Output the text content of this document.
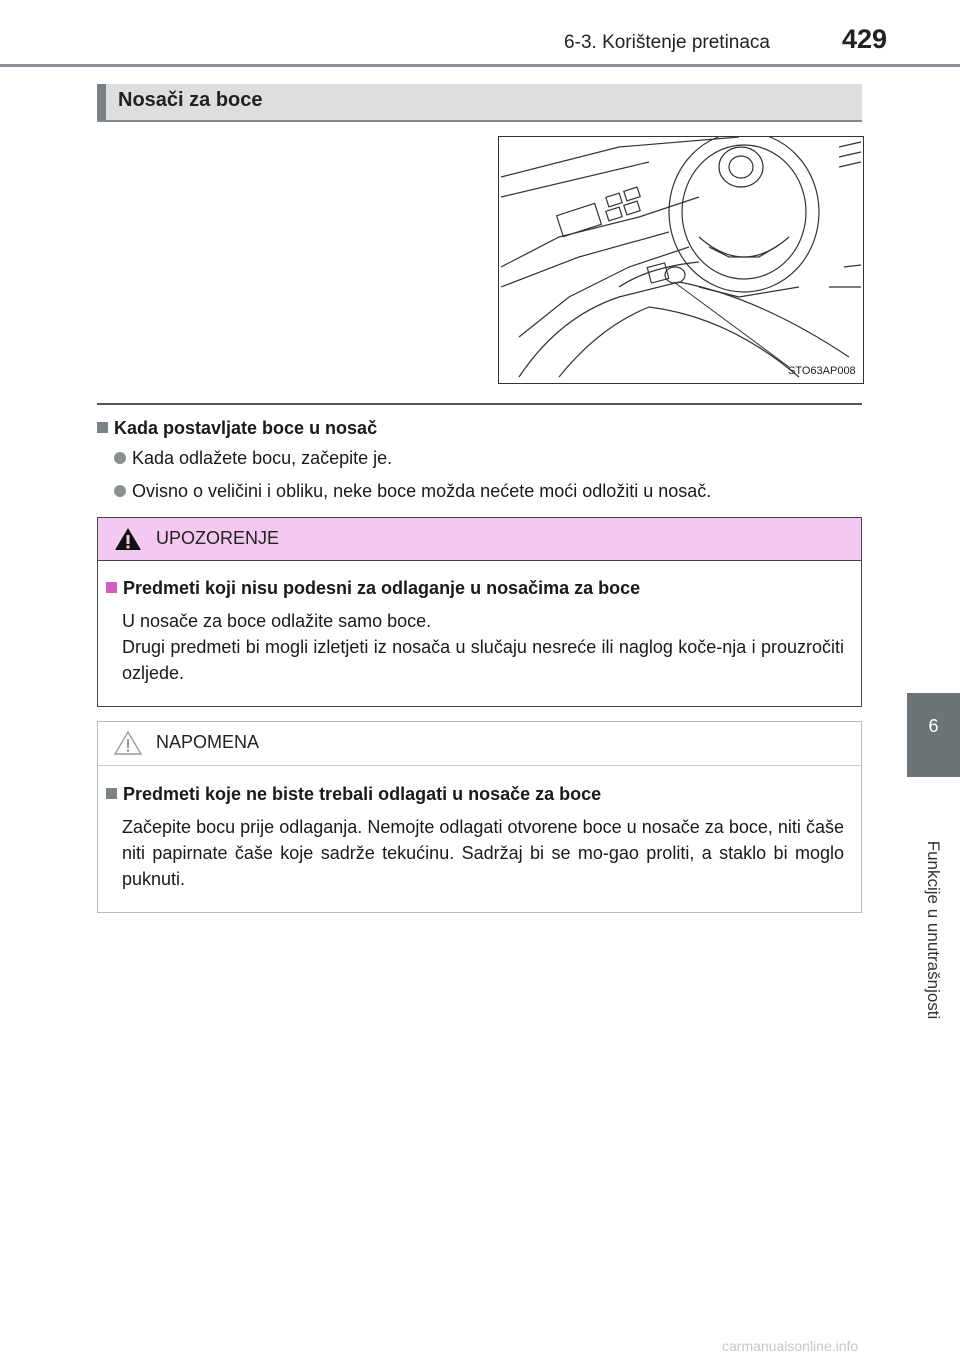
6-3. Korištenje pretinaca	429
6
Funkcije u unutrašnjosti
Nosači za boce
STO63AP008
Kada postavljate boce u nosač
Kada odlažete bocu, začepite je.
Ovisno o veličini i obliku, neke boce možda nećete moći odložiti u nosač.
UPOZORENJE
Predmeti koji nisu podesni za odlaganje u nosačima za boce
U nosače za boce odlažite samo boce.
Drugi predmeti bi mogli izletjeti iz nosača u slučaju nesreće ili naglog koče-nja i prouzročiti ozljede.
NAPOMENA
Predmeti koje ne biste trebali odlagati u nosače za boce
Začepite bocu prije odlaganja. Nemojte odlagati otvorene boce u nosače za boce, niti čaše niti papirnate čaše koje sadrže tekućinu. Sadržaj bi se mo-gao proliti, a staklo bi moglo puknuti.
carmanualsonline.info
